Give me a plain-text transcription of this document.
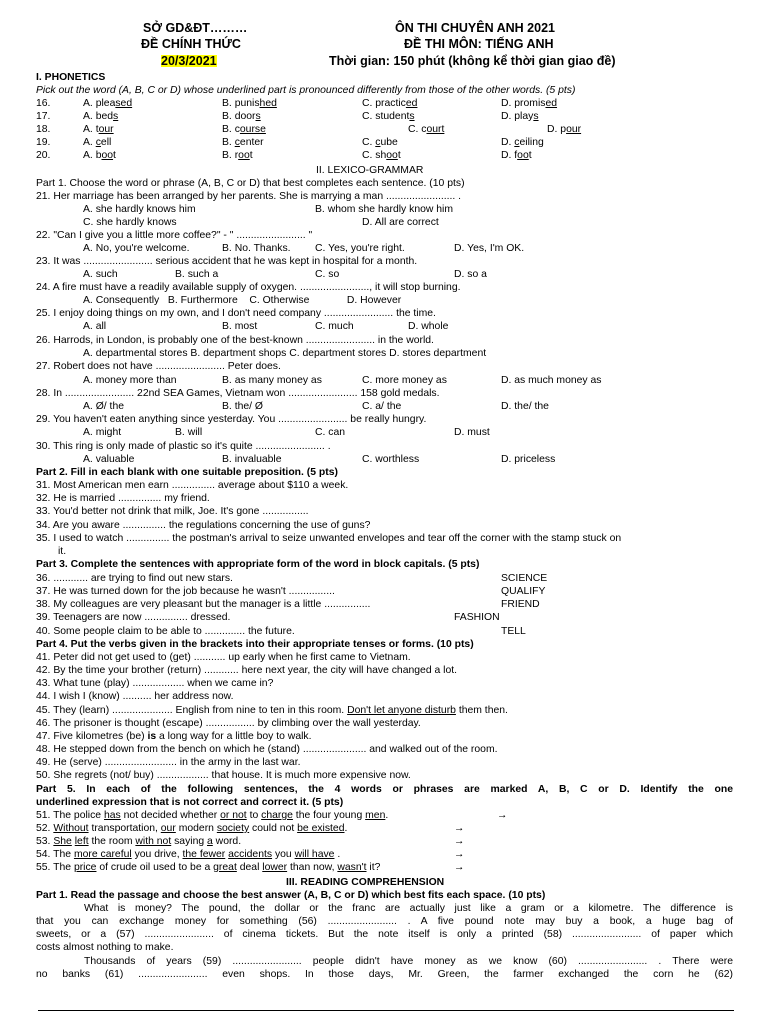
SỞ GD&ĐT………
ĐỀ CHÍNH THỨC
20/3/2021
ÔN THI CHUYÊN ANH 2021
ĐỀ THI MÔN: TIẾNG ANH
Thời gian: 150 phút (không kể thời gian giao đề)
I. PHONETICS
Pick out the word (A, B, C or D) whose underlined part is pronounced differently from those of the other words. (5 pts)
16.	A. pleased	B. punished	C. practiced	D. promised
17.	A. beds	B. doors	C. students	D. plays
18.	A. tour	B. course	C. court	D. pour
19.	A. cell	B. center	C. cube	D. ceiling
20.	A. boot	B. root	C. shoot	D. foot
II. LEXICO-GRAMMAR
Part 1. Choose the word or phrase (A, B, C or D) that best completes each sentence. (10 pts)
21. Her marriage has been arranged by her parents. She is marrying a man ........................ .
A. she hardly knows him	B. whom she hardly know him
C. she hardly knows	D. All are correct
22. "Can I give you a little more coffee?" - " ........................ "
A. No, you're welcome.	B. No. Thanks. C. Yes, you're right.	D. Yes, I'm OK.
23. It was ........................ serious accident that he was kept in hospital for a month.
A. such	B. such a	C. so	D. so a
24. A fire must have a readily available supply of oxygen. ........................, it will stop burning.
A. Consequently   B. Furthermore    C. Otherwise             D. However
25. I enjoy doing things on my own, and I don't need company ........................ the time.
A. all	B. most	C. much	D. whole
26. Harrods, in London, is probably one of the best-known ........................ in the world.
A. departmental stores B. department shops C. department stores D. stores department
27. Robert does not have ........................ Peter does.
A. money more than	B. as many money as	C. more money as	D. as much money as
28. In ........................ 22nd SEA Games, Vietnam won ........................ 158 gold medals.
A. Ø/ the	B. the/ Ø	C. a/ the	D. the/ the
29. You haven't eaten anything since yesterday. You ........................ be really hungry.
A. might	B. will	C. can	D. must
30. This ring is only made of plastic so it's quite ........................ .
A. valuable	B. invaluable	C. worthless	D. priceless
Part 2. Fill in each blank with one suitable preposition. (5 pts)
31. Most American men earn ............... average about $110 a week.
32. He is married ............... my friend.
33. You'd better not drink that milk, Joe. It's gone ................
34. Are you aware ............... the regulations concerning the use of guns?
35. I used to watch ............... the postman's arrival to seize unwanted envelopes and tear off the corner with the stamp stuck on
it.
Part 3. Complete the sentences with appropriate form of the word in block capitals. (5 pts)
36. ............ are trying to find out new stars.	SCIENCE
37. He was turned down for the job because he wasn't ................	QUALIFY
38. My colleagues are very pleasant but the manager is a little ................	FRIEND
39. Teenagers are now ............... dressed.	FASHION
40. Some people claim to be able to .............. the future.	TELL
Part 4. Put the verbs given in the brackets into their appropriate tenses or forms. (10 pts)
41. Peter did not get used to (get) ........... up early when he first came to Vietnam.
42. By the time your brother (return) ............ here next year, the city will have changed a lot.
43. What tune (play) .................. when we came in?
44. I wish I (know) .......... her address now.
45. They (learn) ..................... English from nine to ten in this room. Don't let anyone disturb them then.
46. The prisoner is thought (escape) ................. by climbing over the wall yesterday.
47. Five kilometres (be) is a long way for a little boy to walk.
48. He stepped down from the bench on which he (stand) ...................... and walked out of the room.
49. He (serve) ......................... in the army in the last war.
50. She regrets (not/ buy) .................. that house. It is much more expensive now.
Part 5. In each of the following sentences, the 4 words or phrases are marked A, B, C or D. Identify the one
underlined expression that is not correct and correct it. (5 pts)
51. The police has not decided whether or not to charge the four young men.	→
52. Without transportation, our modern society could not be existed.	→
53. She left the room with not saying a word.	→
54. The more careful you drive, the fewer accidents you will have .	→
55. The price of crude oil used to be a great deal lower than now, wasn't it?	→
III. READING COMPREHENSION
Part 1. Read the passage and choose the best answer (A, B, C or D) which best fits each space. (10 pts)
What is money? The pound, the dollar or the franc are actually just like a gram or a kilometre. The difference is
that you can exchange money for something (56) ........................ . A five pound note may buy a book, a huge bag of
sweets, or a (57) ........................ of cinema tickets. But the note itself is only a printed (58) ........................ of paper which
costs almost nothing to make.
Thousands of years (59) ........................ people didn't have money as we know (60) ........................ . There were
no banks (61) ........................ even shops. In those days, Mr. Green, the farmer exchanged the corn he (62)
